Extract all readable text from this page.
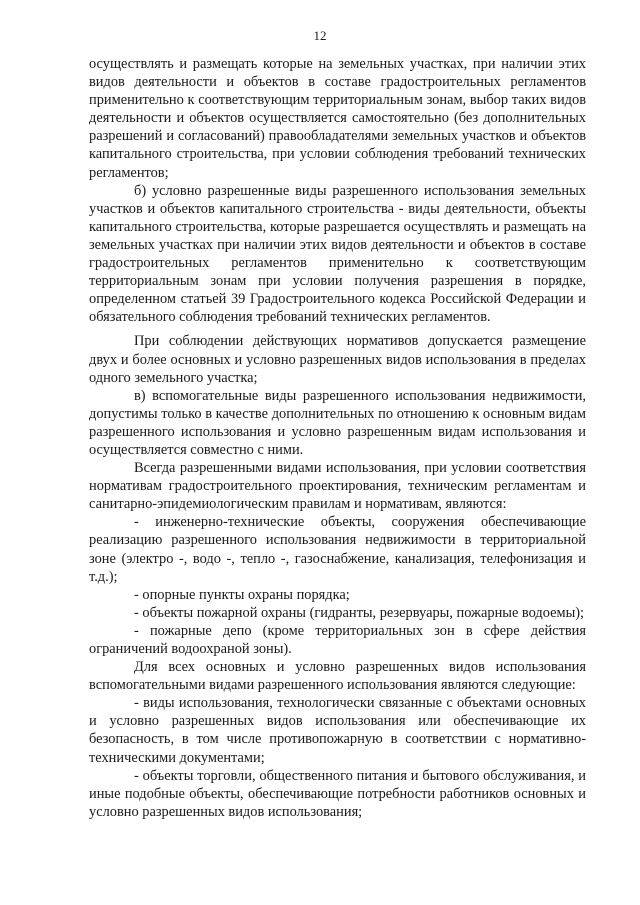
12

осуществлять и размещать которые на земельных участках, при наличии этих видов деятельности и объектов в составе градостроительных регламентов применительно к соответствующим территориальным зонам, выбор таких видов деятельности и объектов осуществляется самостоятельно (без дополнительных разрешений и согласований) правообладателями земельных участков и объектов капитального строительства, при условии соблюдения требований технических регламентов;

б) условно разрешенные виды разрешенного использования земельных участков и объектов капитального строительства - виды деятельности, объекты капитального строительства, которые разрешается осуществлять и размещать на земельных участках при наличии этих видов деятельности и объектов в составе градостроительных регламентов применительно к соответствующим территориальным зонам при условии получения разрешения в порядке, определенном статьей 39 Градостроительного кодекса Российской Федерации и обязательного соблюдения требований технических регламентов.

При соблюдении действующих нормативов допускается размещение двух и более основных и условно разрешенных видов использования в пределах одного земельного участка;

в) вспомогательные виды разрешенного использования недвижимости, допустимы только в качестве дополнительных по отношению к основным видам разрешенного использования и условно разрешенным видам использования и осуществляется совместно с ними.

Всегда разрешенными видами использования, при условии соответствия нормативам градостроительного проектирования, техническим регламентам и санитарно-эпидемиологическим правилам и нормативам, являются:

- инженерно-технические объекты, сооружения обеспечивающие реализацию разрешенного использования недвижимости в территориальной зоне (электро -, водо -, тепло -, газоснабжение, канализация, телефонизация и т.д.);

- опорные пункты охраны порядка;

- объекты пожарной охраны (гидранты, резервуары, пожарные водоемы);

- пожарные депо (кроме территориальных зон в сфере действия ограничений водоохраной зоны).

Для всех основных и условно разрешенных видов использования вспомогательными видами разрешенного использования являются следующие:

- виды использования, технологически связанные с объектами основных и условно разрешенных видов использования или обеспечивающие их безопасность, в том числе противопожарную в соответствии с нормативно-техническими документами;

- объекты торговли, общественного питания и бытового обслуживания, и иные подобные объекты, обеспечивающие потребности работников основных и условно разрешенных видов использования;
